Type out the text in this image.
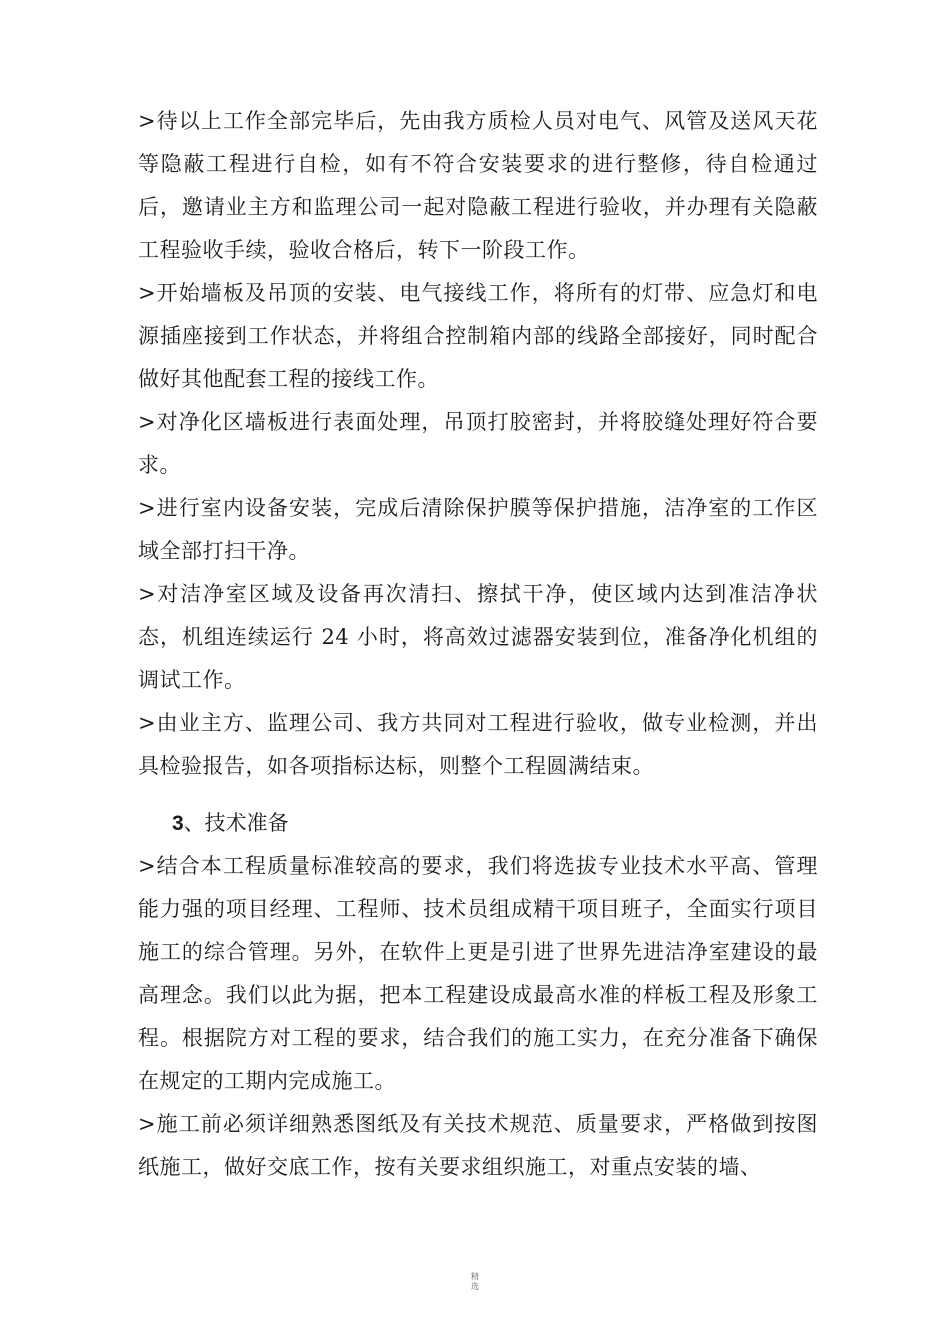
>待以上工作全部完毕后，先由我方质检人员对电气、风管及送风天花等隐蔽工程进行自检，如有不符合安装要求的进行整修，待自检通过后，邀请业主方和监理公司一起对隐蔽工程进行验收，并办理有关隐蔽工程验收手续，验收合格后，转下一阶段工作。

>开始墙板及吊顶的安装、电气接线工作，将所有的灯带、应急灯和电源插座接到工作状态，并将组合控制箱内部的线路全部接好，同时配合做好其他配套工程的接线工作。

>对净化区墙板进行表面处理，吊顶打胶密封，并将胶缝处理好符合要求。

>进行室内设备安装，完成后清除保护膜等保护措施，洁净室的工作区域全部打扫干净。

>对洁净室区域及设备再次清扫、擦拭干净，使区域内达到准洁净状态，机组连续运行 24 小时，将高效过滤器安装到位，准备净化机组的调试工作。

>由业主方、监理公司、我方共同对工程进行验收，做专业检测，并出具检验报告，如各项指标达标，则整个工程圆满结束。

3、技术准备

>结合本工程质量标准较高的要求，我们将选拔专业技术水平高、管理能力强的项目经理、工程师、技术员组成精干项目班子，全面实行项目施工的综合管理。另外，在软件上更是引进了世界先进洁净室建设的最高理念。我们以此为据，把本工程建设成最高水准的样板工程及形象工程。根据院方对工程的要求，结合我们的施工实力，在充分准备下确保在规定的工期内完成施工。

>施工前必须详细熟悉图纸及有关技术规范、质量要求，严格做到按图纸施工，做好交底工作，按有关要求组织施工，对重点安装的墙、

精
选
